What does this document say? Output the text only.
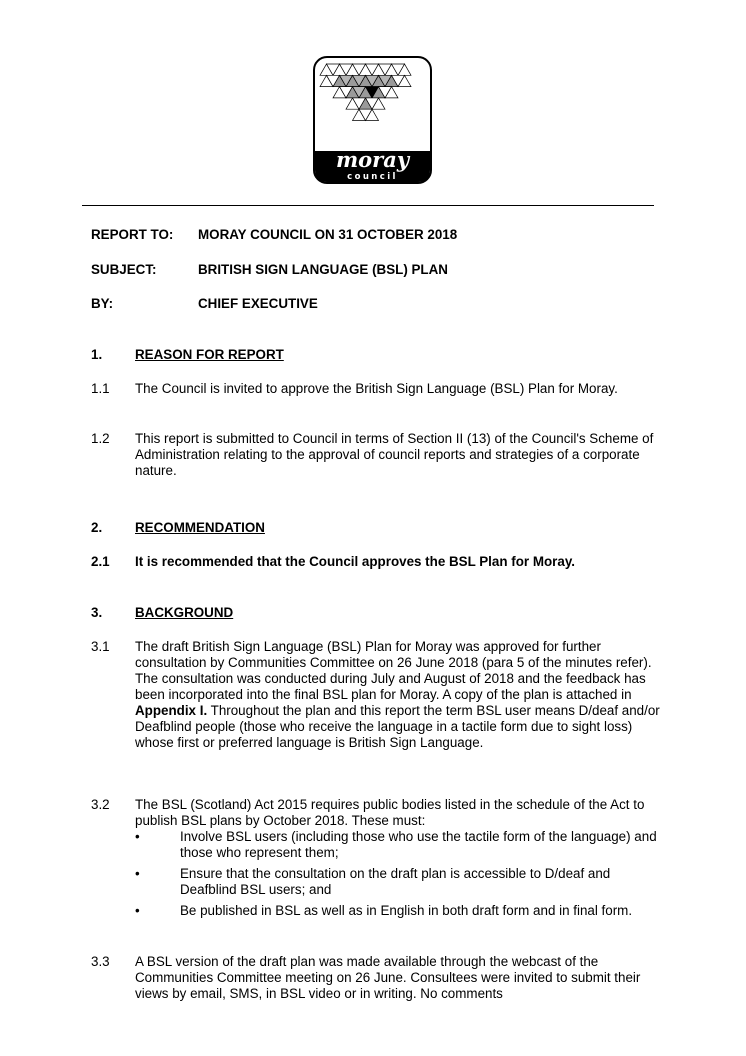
moray
council
REPORT TO: MORAY COUNCIL ON 31 OCTOBER 2018
SUBJECT:	BRITISH SIGN LANGUAGE (BSL) PLAN
BY:	CHIEF EXECUTIVE
1. REASON FOR REPORT
1.1 The Council is invited to approve the British Sign Language (BSL) Plan for Moray.
1.2 This report is submitted to Council in terms of Section II (13) of the Council's Scheme of Administration relating to the approval of council reports and strategies of a corporate nature.
2. RECOMMENDATION
2.1 It is recommended that the Council approves the BSL Plan for Moray.
3. BACKGROUND
3.1 The draft British Sign Language (BSL) Plan for Moray was approved for further consultation by Communities Committee on 26 June 2018 (para 5 of the minutes refer). The consultation was conducted during July and August of 2018 and the feedback has been incorporated into the final BSL plan for Moray. A copy of the plan is attached in Appendix I. Throughout the plan and this report the term BSL user means D/deaf and/or Deafblind people (those who receive the language in a tactile form due to sight loss) whose first or preferred language is British Sign Language.
3.2 The BSL (Scotland) Act 2015 requires public bodies listed in the schedule of the Act to publish BSL plans by October 2018. These must:
•	Involve BSL users (including those who use the tactile form of the language) and those who represent them;
•	Ensure that the consultation on the draft plan is accessible to D/deaf and Deafblind BSL users; and
•	Be published in BSL as well as in English in both draft form and in final form.
3.3 A BSL version of the draft plan was made available through the webcast of the Communities Committee meeting on 26 June. Consultees were invited to submit their views by email, SMS, in BSL video or in writing. No comments
